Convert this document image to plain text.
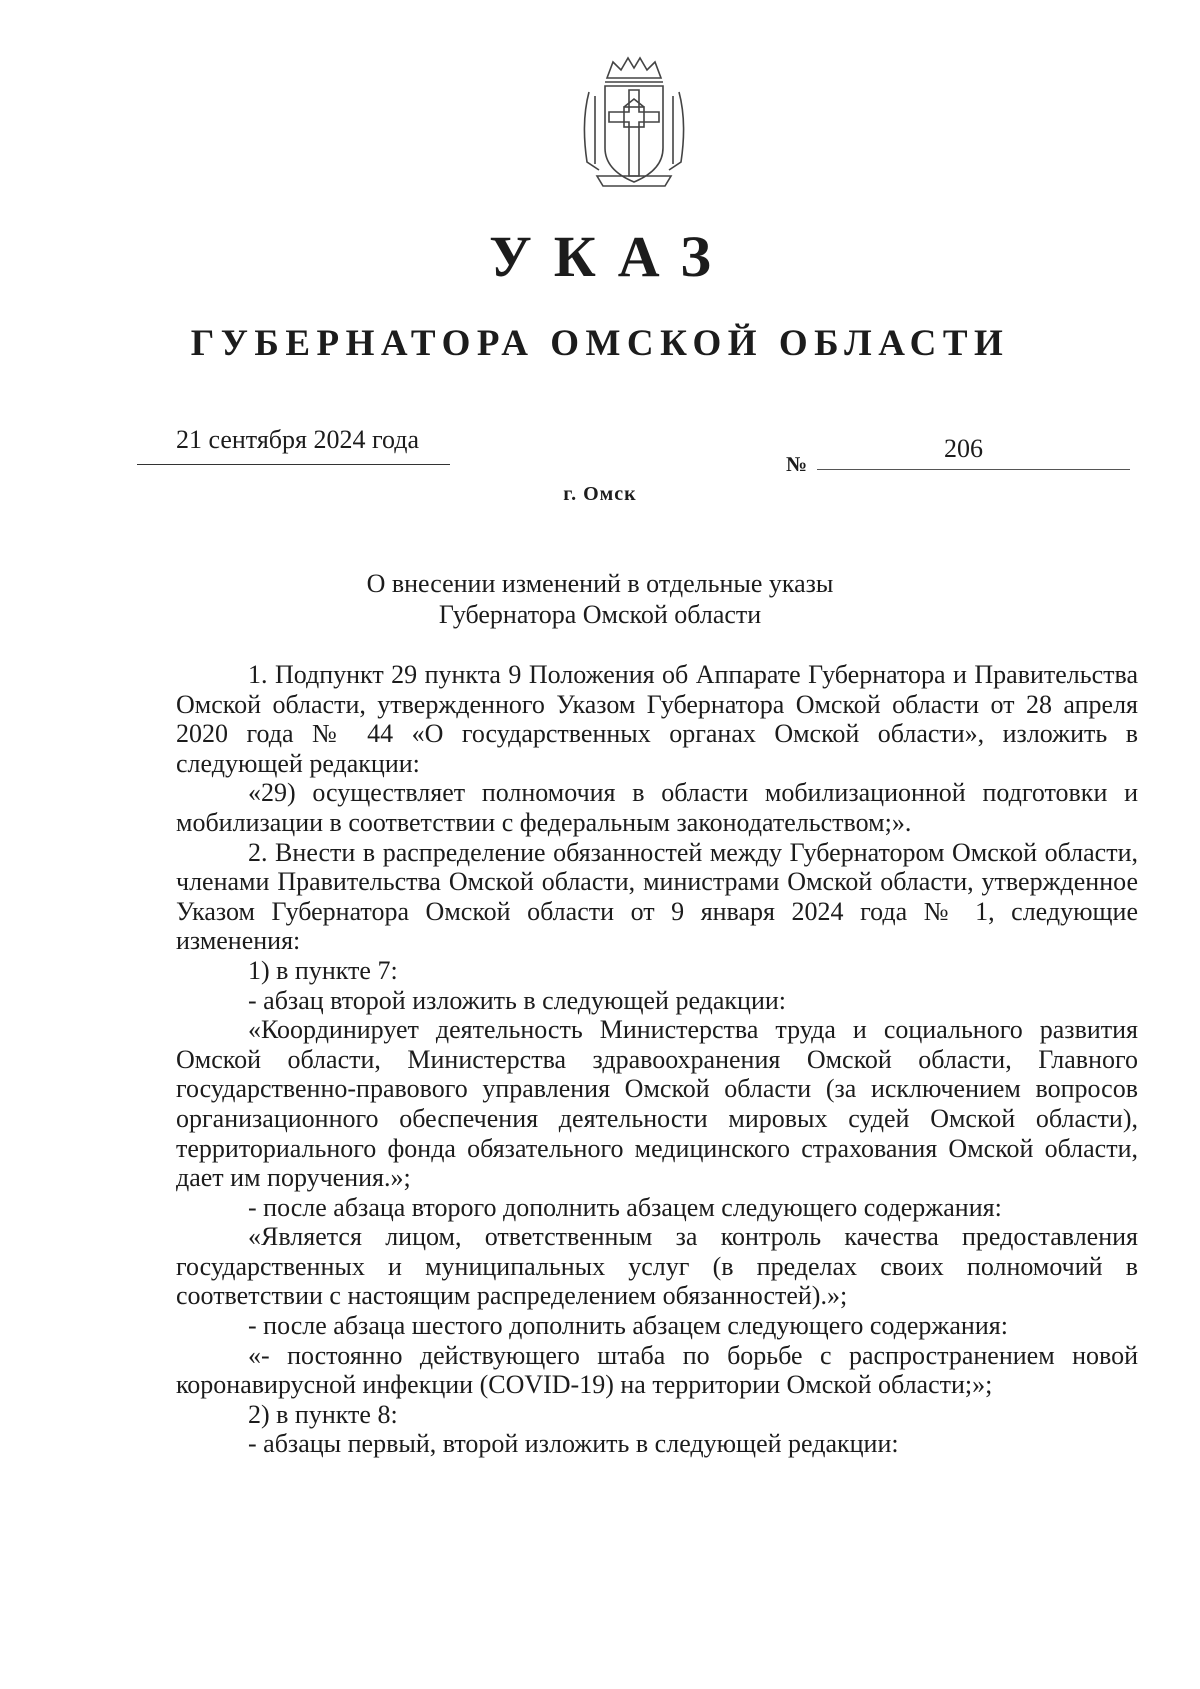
УКАЗ
ГУБЕРНАТОРА ОМСКОЙ ОБЛАСТИ
21 сентября 2024 года
№
206
г. Омск
О внесении изменений в отдельные указы
Губернатора Омской области

1. Подпункт 29 пункта 9 Положения об Аппарате Губернатора и Правительства Омской области, утвержденного Указом Губернатора Омской области от 28 апреля 2020 года № 44 «О государственных органах Омской области», изложить в следующей редакции:

«29) осуществляет полномочия в области мобилизационной подготовки и мобилизации в соответствии с федеральным законодательством;».

2. Внести в распределение обязанностей между Губернатором Омской области, членами Правительства Омской области, министрами Омской области, утвержденное Указом Губернатора Омской области от 9 января 2024 года № 1, следующие изменения:

1) в пункте 7:

- абзац второй изложить в следующей редакции:

«Координирует деятельность Министерства труда и социального развития Омской области, Министерства здравоохранения Омской области, Главного государственно-правового управления Омской области (за исключением вопросов организационного обеспечения деятельности мировых судей Омской области), территориального фонда обязательного медицинского страхования Омской области, дает им поручения.»;

- после абзаца второго дополнить абзацем следующего содержания:

«Является лицом, ответственным за контроль качества предоставления государственных и муниципальных услуг (в пределах своих полномочий в соответствии с настоящим распределением обязанностей).»;

- после абзаца шестого дополнить абзацем следующего содержания:

«- постоянно действующего штаба по борьбе с распространением новой коронавирусной инфекции (COVID-19) на территории Омской области;»;

2) в пункте 8:

- абзацы первый, второй изложить в следующей редакции:
